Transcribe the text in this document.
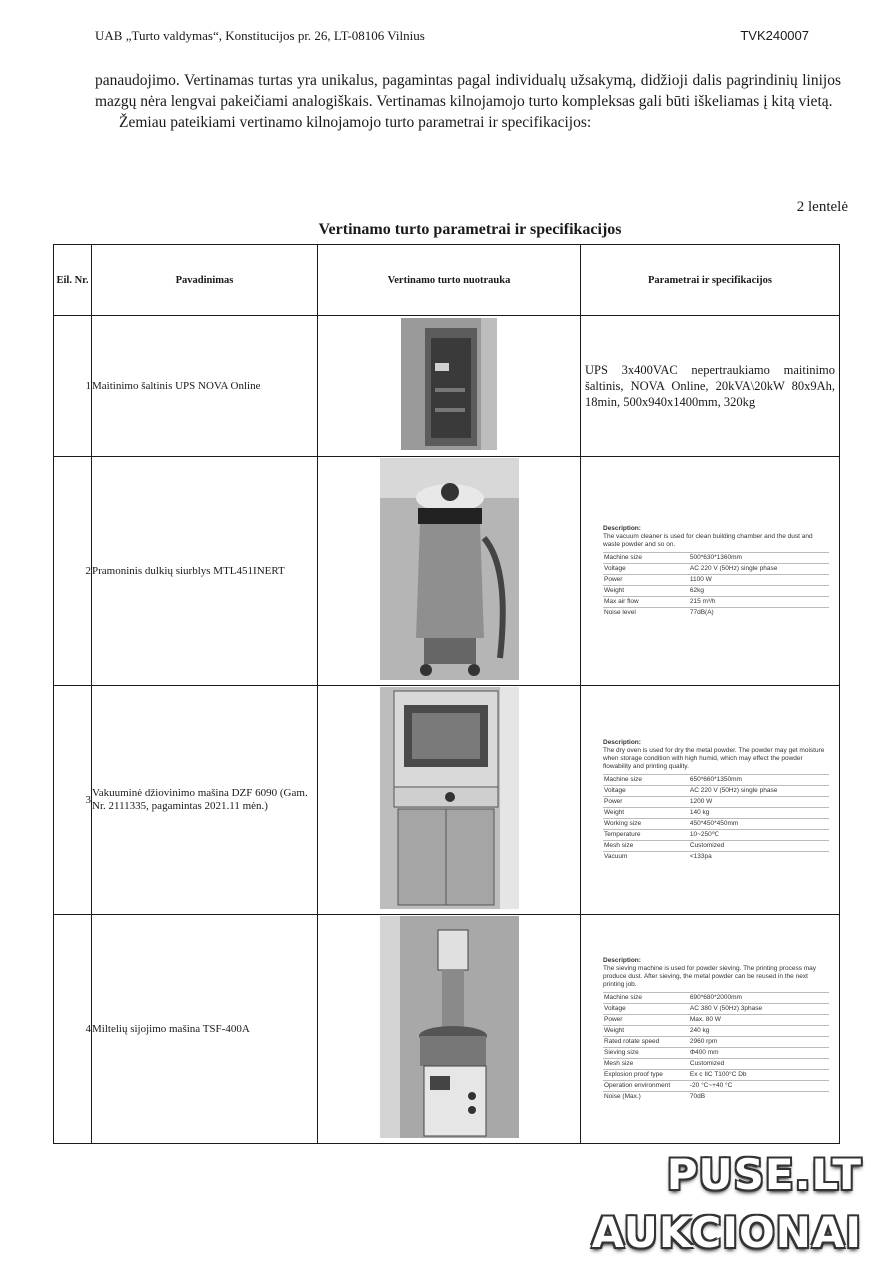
UAB „Turto valdymas“, Konstitucijos pr. 26, LT-08106 Vilnius	TVK240007

panaudojimo. Vertinamas turtas yra unikalus, pagamintas pagal individualų užsakymą, didžioji dalis pagrindinių linijos mazgų nėra lengvai pakeičiami analogiškais. Vertinamas kilnojamojo turto kompleksas gali būti iškeliamas į kitą vietą.

Žemiau pateikiami vertinamo kilnojamojo turto parametrai ir specifikacijos:

2 lentelė
Vertinamo turto parametrai ir specifikacijos
Eil. Nr.	Pavadinimas	Vertinamo turto nuotrauka	Parametrai ir specifikacijos
1	Maitinimo šaltinis UPS NOVA Online		
UPS 3x400VAC nepertraukiamo maitinimo šaltinis, NOVA Online, 20kVA\20kW 80x9Ah, 18min, 500x940x1400mm, 320kg

2	Pramoninis dulkių siurblys MTL451INERT		
Description:
The vacuum cleaner is used for clean building chamber and the dust and waste powder and so on.
Machine size	500*630*1360mm
Voltage	AC 220 V (50Hz) single phase
Power	1100 W
Weight	62kg
Max air flow	215 m³/h
Noise level	77dB(A)

3	Vakuuminė džiovinimo mašina DZF 6090 (Gam. Nr. 2111335, pagamintas 2021.11 mėn.)		
Description:
The dry oven is used for dry the metal powder. The powder may get moisture when storage condition with high humid, which may effect the powder flowability and printing quality.
Machine size	650*660*1350mm
Voltage	AC 220 V (50Hz) single phase
Power	1200 W
Weight	140 kg
Working size	450*450*450mm
Temperature	10~250℃
Mesh size	Customized
Vacuum	<133pa

4	Miltelių sijojimo mašina TSF-400A		
Description:
The sieving machine is used for powder sieving. The printing process may produce dust. After sieving, the metal powder can be reused in the next printing job.
Machine size	690*680*2000mm
Voltage	AC 380 V (50Hz) 3phase
Power	Max. 80 W
Weight	240 kg
Rated rotate speed	2960 rpm
Sieving size	Φ400 mm
Mesh size	Customized
Explosion proof type	Ex c IIC T100°C Db
Operation environment	-20 °C~+40 °C
Noise (Max.)	70dB
PUSE.LT
AUKCIONAI
